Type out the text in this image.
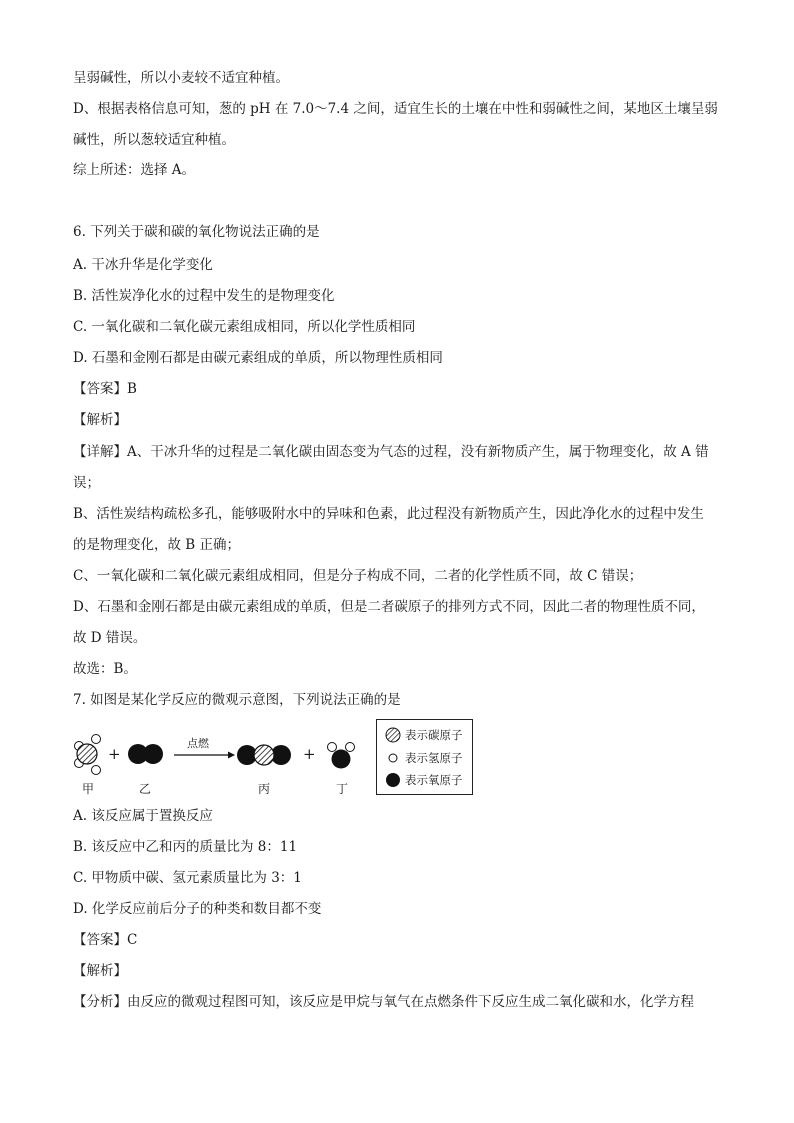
呈弱碱性，所以小麦较不适宜种植。
D、根据表格信息可知，葱的 pH 在 7.0～7.4 之间，适宜生长的土壤在中性和弱碱性之间，某地区土壤呈弱
碱性，所以葱较适宜种植。
综上所述：选择 A。
6. 下列关于碳和碳的氧化物说法正确的是
A. 干冰升华是化学变化
B. 活性炭净化水的过程中发生的是物理变化
C. 一氧化碳和二氧化碳元素组成相同，所以化学性质相同
D. 石墨和金刚石都是由碳元素组成的单质，所以物理性质相同
【答案】B
【解析】
【详解】A、干冰升华的过程是二氧化碳由固态变为气态的过程，没有新物质产生，属于物理变化，故 A 错
误；
B、活性炭结构疏松多孔，能够吸附水中的异味和色素，此过程没有新物质产生，因此净化水的过程中发生
的是物理变化，故 B 正确；
C、一氧化碳和二氧化碳元素组成相同，但是分子构成不同，二者的化学性质不同，故 C 错误；
D、石墨和金刚石都是由碳元素组成的单质，但是二者碳原子的排列方式不同，因此二者的物理性质不同，
故 D 错误。
故选：B。
7. 如图是某化学反应的微观示意图，下列说法正确的是
+	+
点燃
甲	乙	丙	丁
表示碳原子
表示氢原子
表示氧原子
A. 该反应属于置换反应
B. 该反应中乙和丙的质量比为 8：11
C. 甲物质中碳、氢元素质量比为 3：1
D. 化学反应前后分子的种类和数目都不变
【答案】C
【解析】
【分析】由反应的微观过程图可知，该反应是甲烷与氧气在点燃条件下反应生成二氧化碳和水，化学方程
